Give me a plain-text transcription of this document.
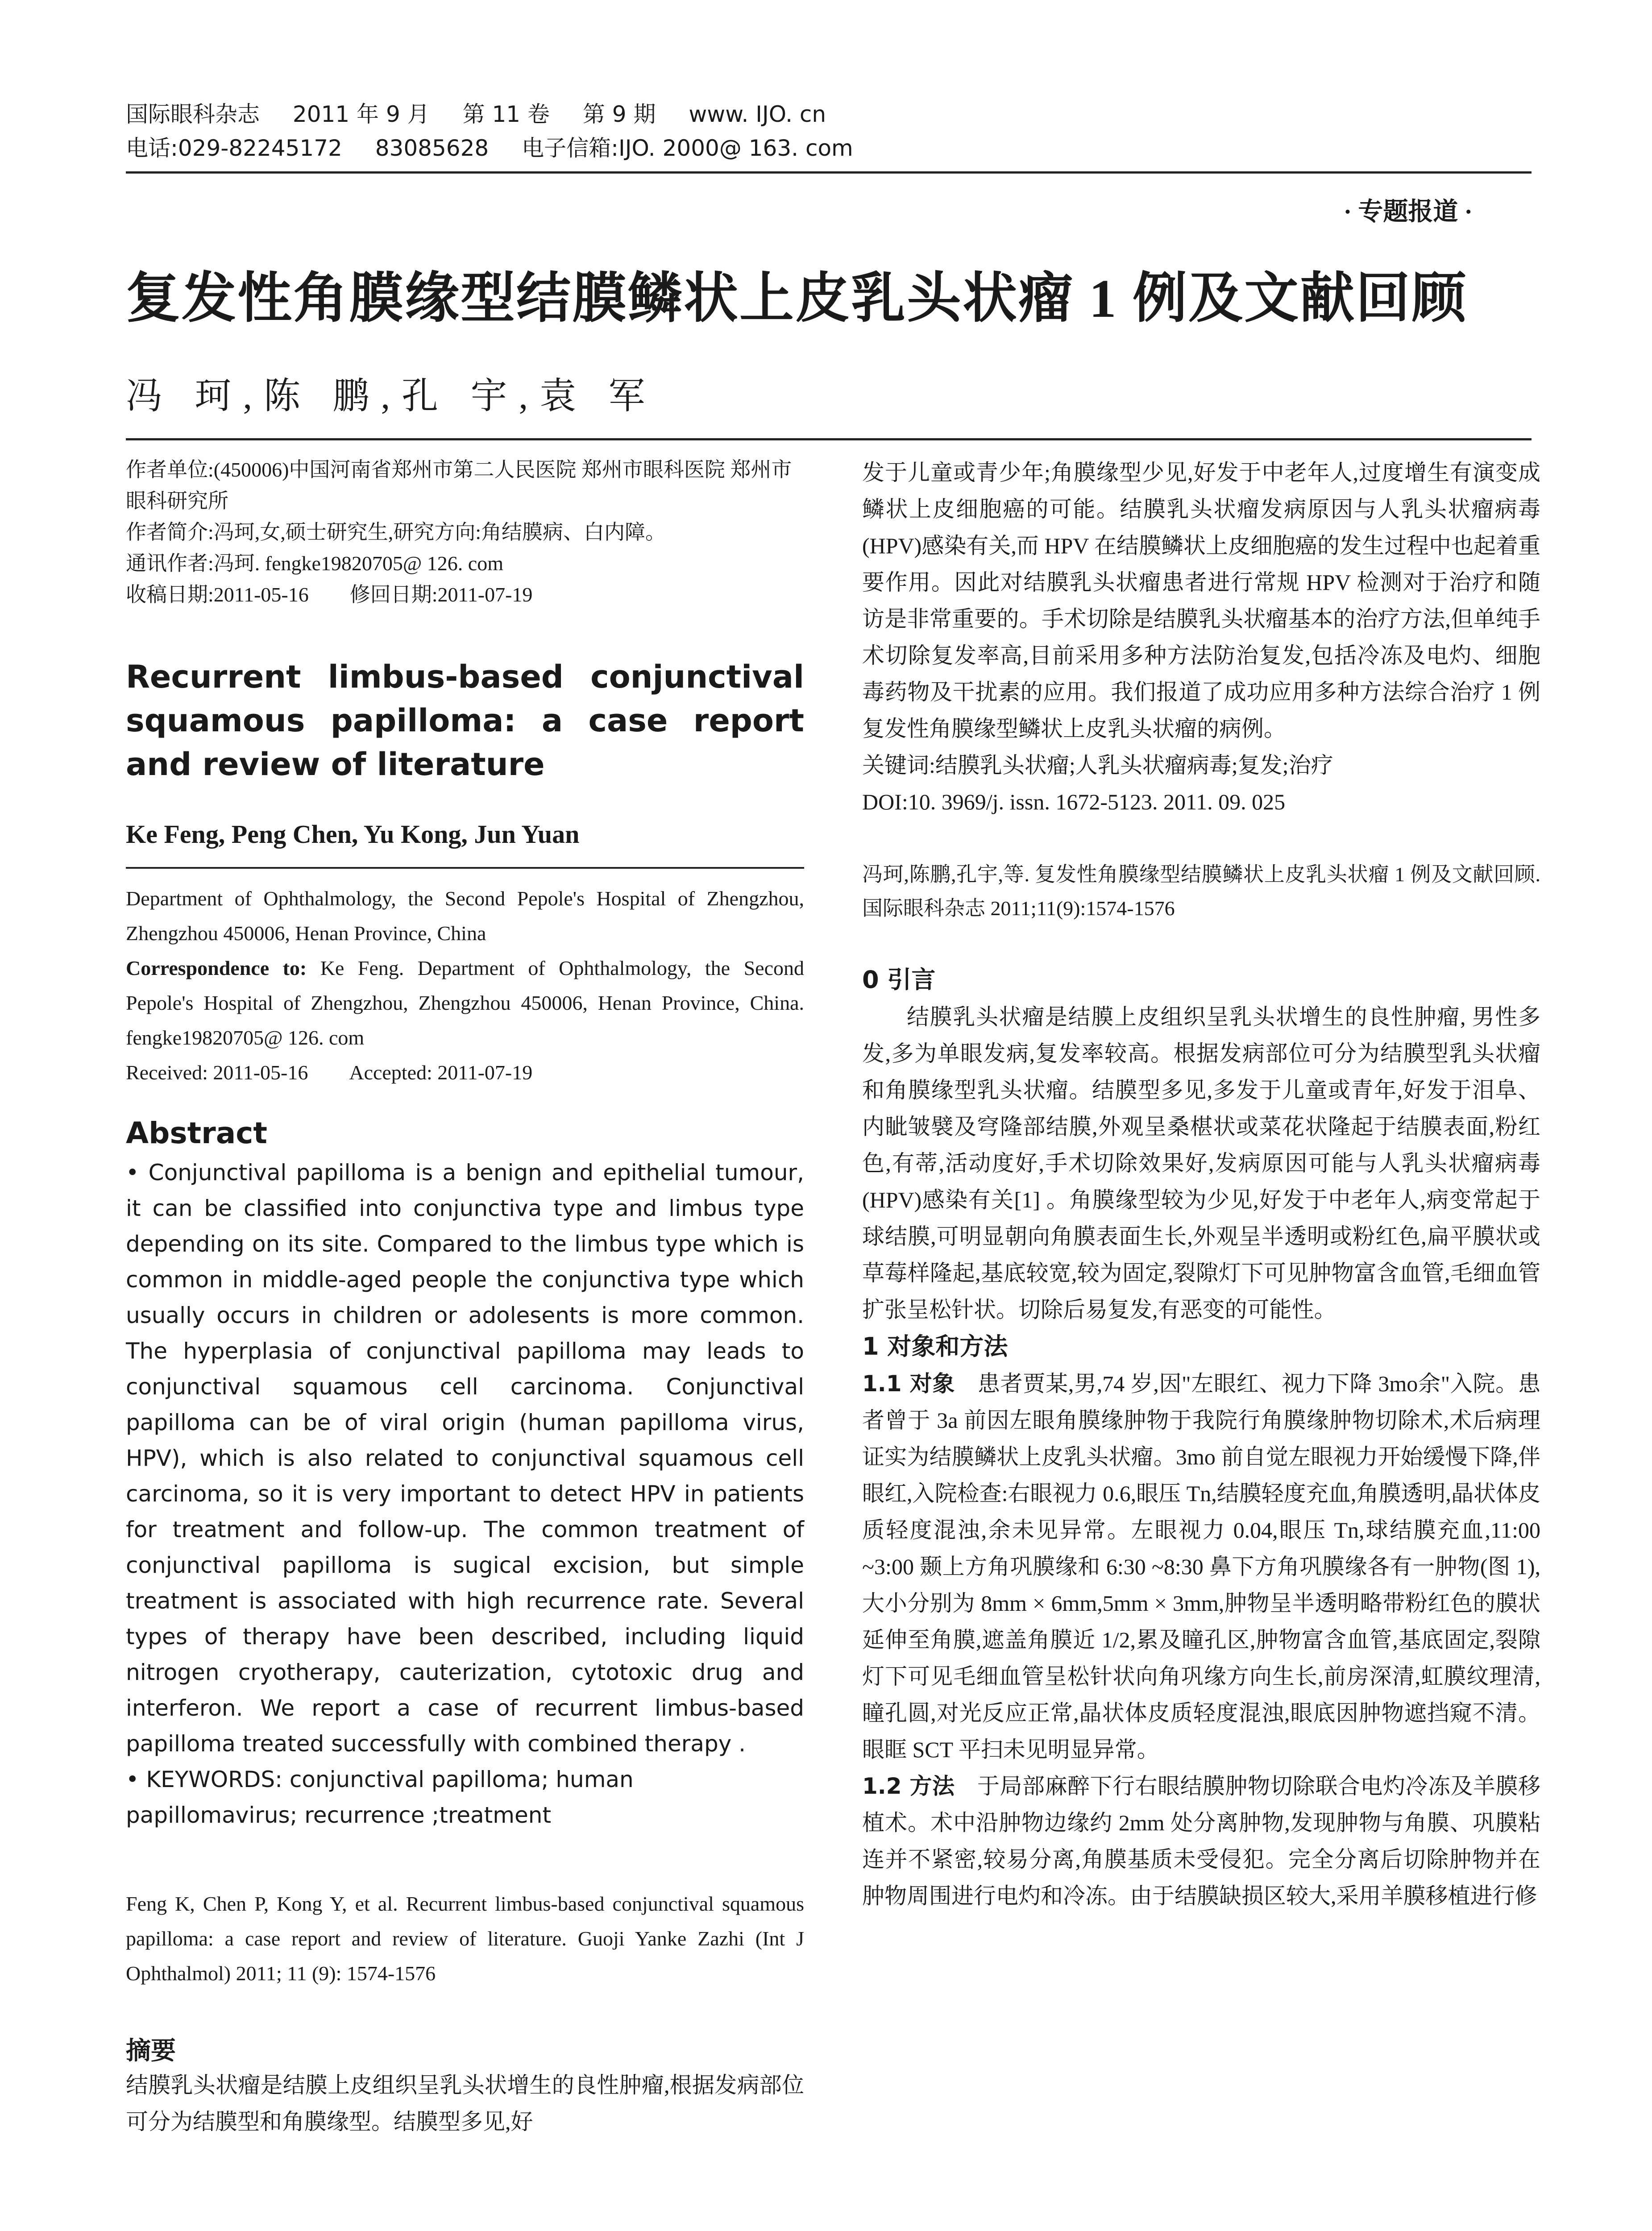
国际眼科杂志 2011 年 9 月 第 11 卷 第 9 期 www. IJO. cn
电话:029-82245172 83085628 电子信箱:IJO. 2000@ 163. com
· 专题报道 ·
复发性角膜缘型结膜鳞状上皮乳头状瘤 1 例及文献回顾
冯 珂,陈 鹏,孔 宇,袁 军

作者单位:(450006)中国河南省郑州市第二人民医院 郑州市眼科医院 郑州市眼科研究所

作者简介:冯珂,女,硕士研究生,研究方向:角结膜病、白内障。

通讯作者:冯珂. fengke19820705@ 126. com

收稿日期:2011-05-16　　修回日期:2011-07-19

Recurrent limbus-based conjunctival squamous papilloma: a case report and review of literature

Ke Feng, Peng Chen, Yu Kong, Jun Yuan

Department of Ophthalmology, the Second Pepole's Hospital of Zhengzhou, Zhengzhou 450006, Henan Province, China

Correspondence to: Ke Feng. Department of Ophthalmology, the Second Pepole's Hospital of Zhengzhou, Zhengzhou 450006, Henan Province, China. fengke19820705@ 126. com

Received: 2011-05-16　　Accepted: 2011-07-19

Abstract

• Conjunctival papilloma is a benign and epithelial tumour, it can be classified into conjunctiva type and limbus type depending on its site. Compared to the limbus type which is common in middle-aged people the conjunctiva type which usually occurs in children or adolesents is more common. The hyperplasia of conjunctival papilloma may leads to conjunctival squamous cell carcinoma. Conjunctival papilloma can be of viral origin (human papilloma virus, HPV), which is also related to conjunctival squamous cell carcinoma, so it is very important to detect HPV in patients for treatment and follow-up. The common treatment of conjunctival papilloma is sugical excision, but simple treatment is associated with high recurrence rate. Several types of therapy have been described, including liquid nitrogen cryotherapy, cauterization, cytotoxic drug and interferon. We report a case of recurrent limbus-based papilloma treated successfully with combined therapy .

• KEYWORDS: conjunctival papilloma; human papillomavirus; recurrence ;treatment

Feng K, Chen P, Kong Y, et al. Recurrent limbus-based conjunctival squamous papilloma: a case report and review of literature. Guoji Yanke Zazhi (Int J Ophthalmol) 2011; 11 (9): 1574-1576

摘要

结膜乳头状瘤是结膜上皮组织呈乳头状增生的良性肿瘤,根据发病部位可分为结膜型和角膜缘型。结膜型多见,好

发于儿童或青少年;角膜缘型少见,好发于中老年人,过度增生有演变成鳞状上皮细胞癌的可能。结膜乳头状瘤发病原因与人乳头状瘤病毒(HPV)感染有关,而 HPV 在结膜鳞状上皮细胞癌的发生过程中也起着重要作用。因此对结膜乳头状瘤患者进行常规 HPV 检测对于治疗和随访是非常重要的。手术切除是结膜乳头状瘤基本的治疗方法,但单纯手术切除复发率高,目前采用多种方法防治复发,包括冷冻及电灼、细胞毒药物及干扰素的应用。我们报道了成功应用多种方法综合治疗 1 例复发性角膜缘型鳞状上皮乳头状瘤的病例。

关键词:结膜乳头状瘤;人乳头状瘤病毒;复发;治疗

DOI:10. 3969/j. issn. 1672-5123. 2011. 09. 025

冯珂,陈鹏,孔宇,等. 复发性角膜缘型结膜鳞状上皮乳头状瘤 1 例及文献回顾. 国际眼科杂志 2011;11(9):1574-1576

0 引言

结膜乳头状瘤是结膜上皮组织呈乳头状增生的良性肿瘤, 男性多发,多为单眼发病,复发率较高。根据发病部位可分为结膜型乳头状瘤和角膜缘型乳头状瘤。结膜型多见,多发于儿童或青年,好发于泪阜、内眦皱襞及穹隆部结膜,外观呈桑椹状或菜花状隆起于结膜表面,粉红色,有蒂,活动度好,手术切除效果好,发病原因可能与人乳头状瘤病毒(HPV)感染有关[1] 。角膜缘型较为少见,好发于中老年人,病变常起于球结膜,可明显朝向角膜表面生长,外观呈半透明或粉红色,扁平膜状或草莓样隆起,基底较宽,较为固定,裂隙灯下可见肿物富含血管,毛细血管扩张呈松针状。切除后易复发,有恶变的可能性。

1 对象和方法

1.1 对象　 患者贾某,男,74 岁,因"左眼红、视力下降 3mo余"入院。患者曾于 3a 前因左眼角膜缘肿物于我院行角膜缘肿物切除术,术后病理证实为结膜鳞状上皮乳头状瘤。3mo 前自觉左眼视力开始缓慢下降,伴眼红,入院检查:右眼视力 0.6,眼压 Tn,结膜轻度充血,角膜透明,晶状体皮质轻度混浊,余未见异常。左眼视力 0.04,眼压 Tn,球结膜充血,11:00 ~3:00 颞上方角巩膜缘和 6:30 ~8:30 鼻下方角巩膜缘各有一肿物(图 1),大小分别为 8mm × 6mm,5mm × 3mm,肿物呈半透明略带粉红色的膜状延伸至角膜,遮盖角膜近 1/2,累及瞳孔区,肿物富含血管,基底固定,裂隙灯下可见毛细血管呈松针状向角巩缘方向生长,前房深清,虹膜纹理清,瞳孔圆,对光反应正常,晶状体皮质轻度混浊,眼底因肿物遮挡窥不清。眼眶 SCT 平扫未见明显异常。

1.2 方法　 于局部麻醉下行右眼结膜肿物切除联合电灼冷冻及羊膜移植术。术中沿肿物边缘约 2mm 处分离肿物,发现肿物与角膜、巩膜粘连并不紧密,较易分离,角膜基质未受侵犯。完全分离后切除肿物并在肿物周围进行电灼和冷冻。由于结膜缺损区较大,采用羊膜移植进行修
